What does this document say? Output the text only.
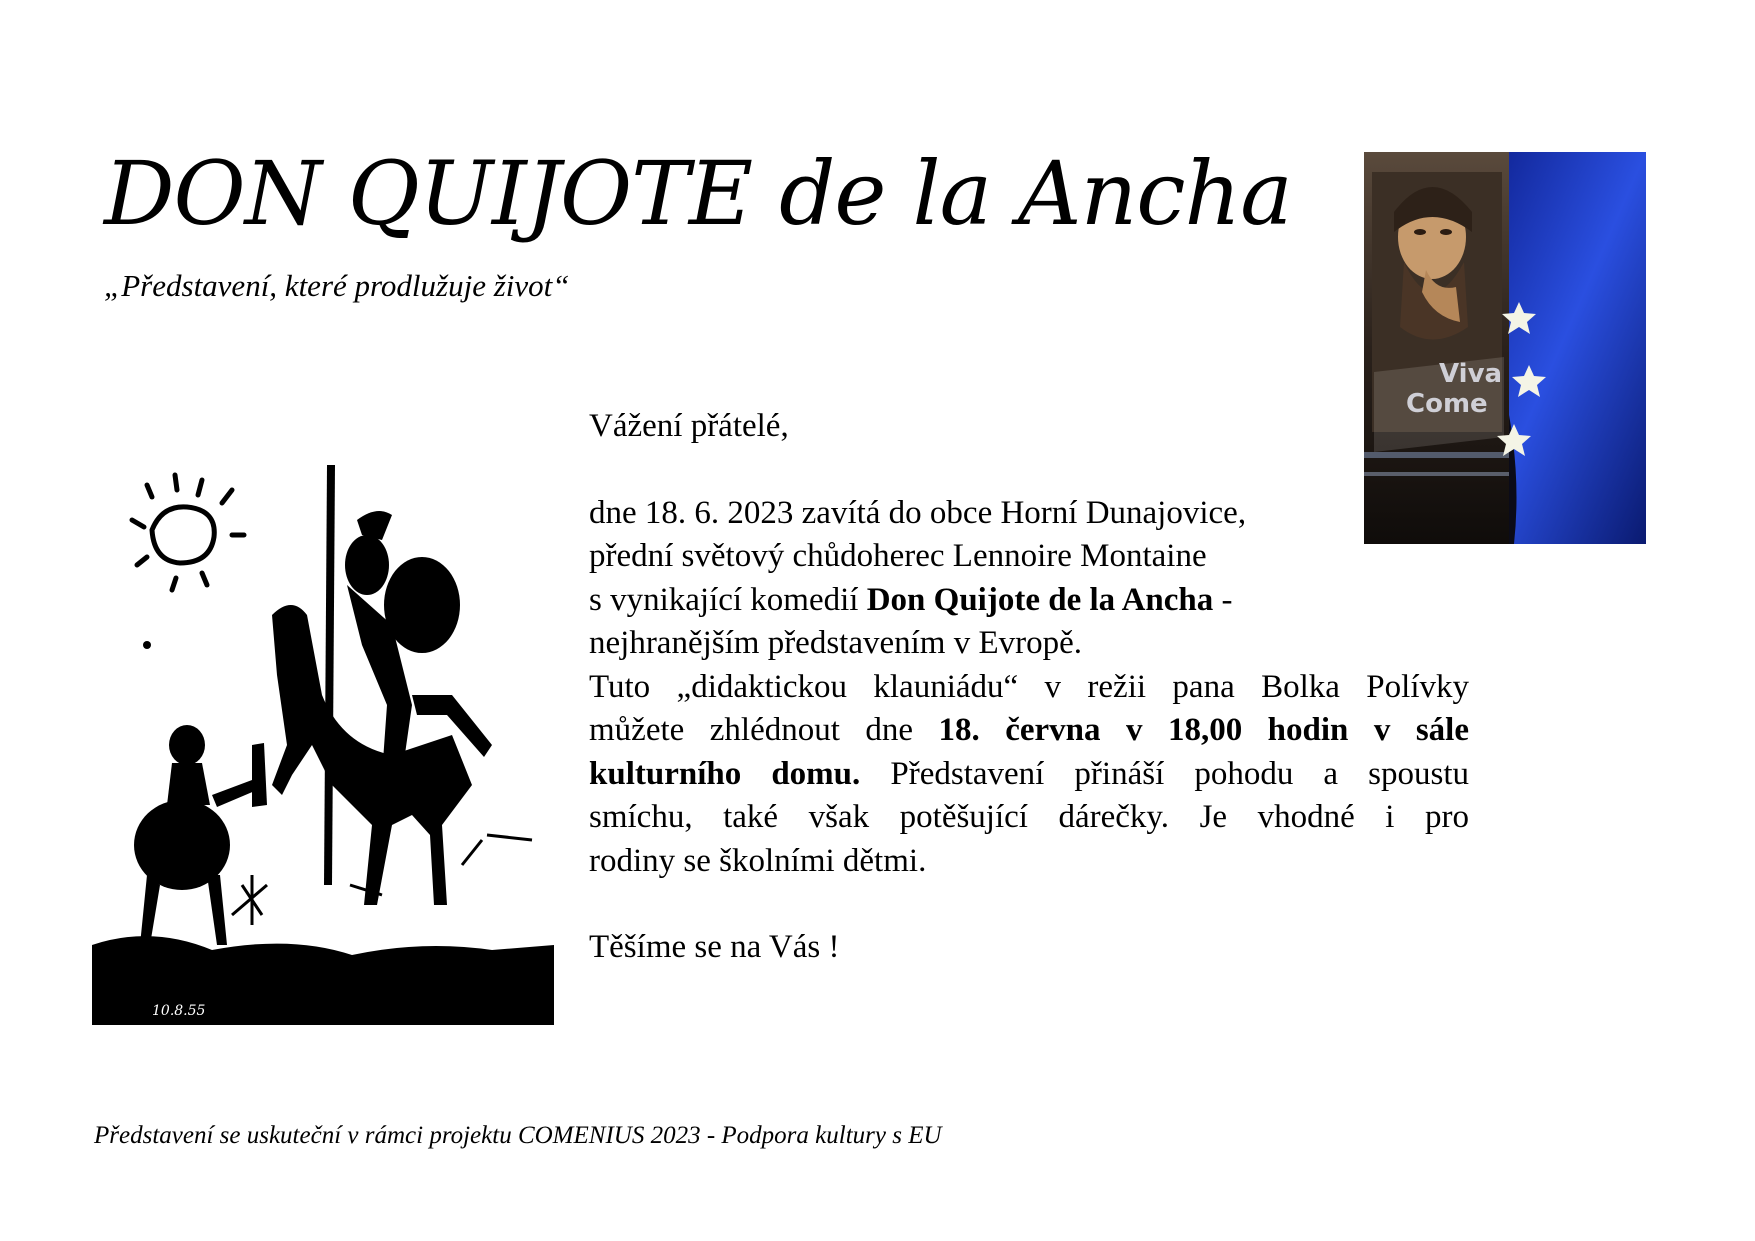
DON QUIJOTE de la Ancha
„Představení, které prodlužuje život“
Viva
Come
10.8.55

Vážení přátelé,

dne 18. 6. 2023 zavítá do obce Horní Dunajovice,

přední světový chůdoherec Lennoire Montaine

s vynikající komedií Don Quijote de la Ancha -

nejhranějším představením v Evropě.

Tuto „didaktickou klauniádu“ v režii pana Bolka Polívky

můžete zhlédnout dne 18. června v 18,00 hodin v sále

kulturního domu. Představení přináší pohodu a spoustu

smíchu, také však potěšující dárečky. Je vhodné i pro

rodiny se školními dětmi.

Těšíme se na Vás !

Představení se uskuteční v rámci projektu COMENIUS 2023 - Podpora kultury s EU
